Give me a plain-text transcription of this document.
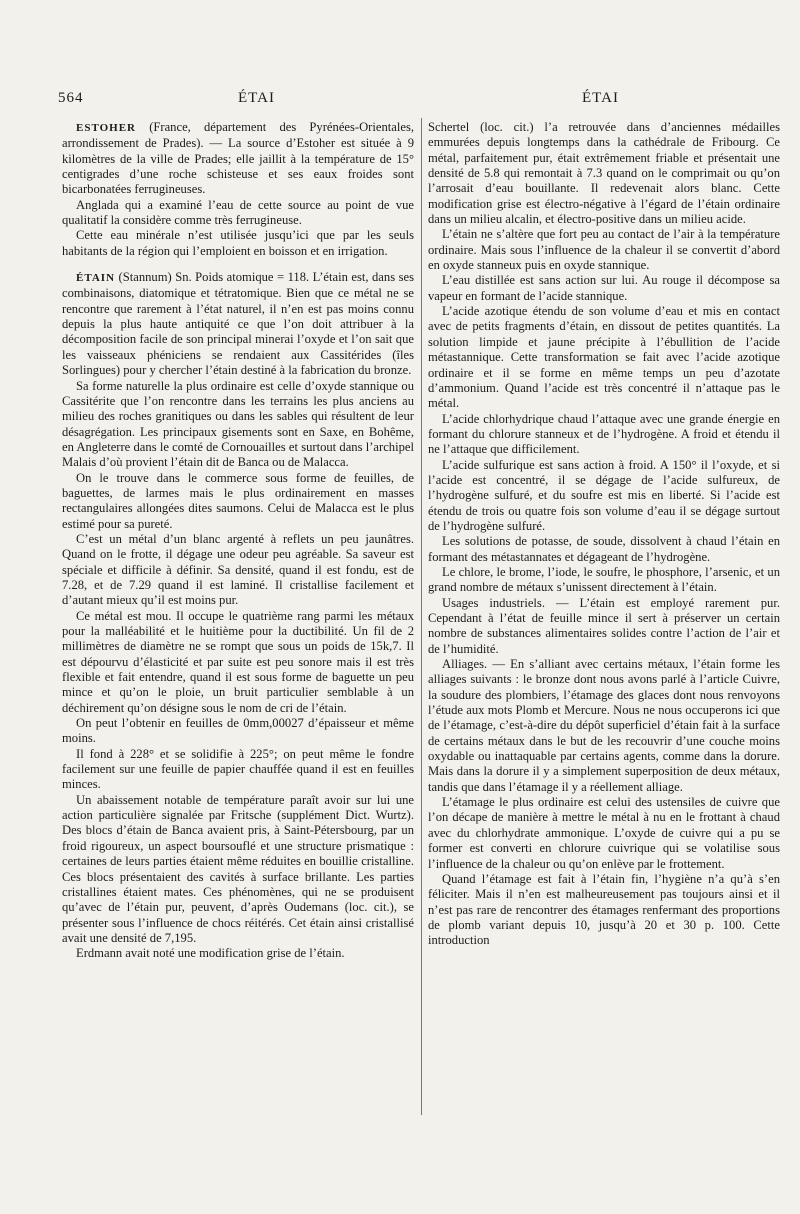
564	ÉTAI	ÉTAI

ESTOHER (France, département des Pyrénées-Orientales, arrondissement de Prades). — La source d’Estoher est située à 9 kilomètres de la ville de Prades; elle jaillit à la température de 15° centigrades d’une roche schisteuse et ses eaux froides sont bicarbonatées ferrugineuses.

Anglada qui a examiné l’eau de cette source au point de vue qualitatif la considère comme très ferrugineuse.

Cette eau minérale n’est utilisée jusqu’ici que par les seuls habitants de la région qui l’emploient en boisson et en irrigation.

ÉTAIN (Stannum) Sn. Poids atomique = 118. L’étain est, dans ses combinaisons, diatomique et tétratomique. Bien que ce métal ne se rencontre que rarement à l’état naturel, il n’en est pas moins connu depuis la plus haute antiquité ce que l’on doit attribuer à la décomposition facile de son principal minerai l’oxyde et l’on sait que les vaisseaux phéniciens se rendaient aux Cassitérides (îles Sorlingues) pour y chercher l’étain destiné à la fabrication du bronze.

Sa forme naturelle la plus ordinaire est celle d’oxyde stannique ou Cassitérite que l’on rencontre dans les terrains les plus anciens au milieu des roches granitiques ou dans les sables qui résultent de leur désagrégation. Les principaux gisements sont en Saxe, en Bohême, en Angleterre dans le comté de Cornouailles et surtout dans l’archipel Malais d’où provient l’étain dit de Banca ou de Malacca.

On le trouve dans le commerce sous forme de feuilles, de baguettes, de larmes mais le plus ordinairement en masses rectangulaires allongées dites saumons. Celui de Malacca est le plus estimé pour sa pureté.

C’est un métal d’un blanc argenté à reflets un peu jaunâtres. Quand on le frotte, il dégage une odeur peu agréable. Sa saveur est spéciale et difficile à définir. Sa densité, quand il est fondu, est de 7.28, et de 7.29 quand il est laminé. Il cristallise facilement et d’autant mieux qu’il est moins pur.

Ce métal est mou. Il occupe le quatrième rang parmi les métaux pour la malléabilité et le huitième pour la ductibilité. Un fil de 2 millimètres de diamètre ne se rompt que sous un poids de 15k,7. Il est dépourvu d’élasticité et par suite est peu sonore mais il est très flexible et fait entendre, quand il est sous forme de baguette un peu mince et qu’on le ploie, un bruit particulier semblable à un déchirement qu’on désigne sous le nom de cri de l’étain.

On peut l’obtenir en feuilles de 0mm,00027 d’épaisseur et même moins.

Il fond à 228° et se solidifie à 225°; on peut même le fondre facilement sur une feuille de papier chauffée quand il est en feuilles minces.

Un abaissement notable de température paraît avoir sur lui une action particulière signalée par Fritsche (supplément Dict. Wurtz). Des blocs d’étain de Banca avaient pris, à Saint-Pétersbourg, par un froid rigoureux, un aspect boursouflé et une structure prismatique : certaines de leurs parties étaient même réduites en bouillie cristalline. Ces blocs présentaient des cavités à surface brillante. Les parties cristallines étaient mates. Ces phénomènes, qui ne se produisent qu’avec de l’étain pur, peuvent, d’après Oudemans (loc. cit.), se présenter sous l’influence de chocs réitérés. Cet étain ainsi cristallisé avait une densité de 7,195.

Erdmann avait noté une modification grise de l’étain.

Schertel (loc. cit.) l’a retrouvée dans d’anciennes médailles emmurées depuis longtemps dans la cathédrale de Fribourg. Ce métal, parfaitement pur, était extrêmement friable et présentait une densité de 5.8 qui remontait à 7.3 quand on le comprimait ou qu’on l’arrosait d’eau bouillante. Il redevenait alors blanc. Cette modification grise est électro-négative à l’égard de l’étain ordinaire dans un milieu alcalin, et électro-positive dans un milieu acide.

L’étain ne s’altère que fort peu au contact de l’air à la température ordinaire. Mais sous l’influence de la chaleur il se convertit d’abord en oxyde stanneux puis en oxyde stannique.

L’eau distillée est sans action sur lui. Au rouge il décompose sa vapeur en formant de l’acide stannique.

L’acide azotique étendu de son volume d’eau et mis en contact avec de petits fragments d’étain, en dissout de petites quantités. La solution limpide et jaune précipite à l’ébullition de l’acide métastannique. Cette transformation se fait avec l’acide azotique ordinaire et il se forme en même temps un peu d’azotate d’ammonium. Quand l’acide est très concentré il n’attaque pas le métal.

L’acide chlorhydrique chaud l’attaque avec une grande énergie en formant du chlorure stanneux et de l’hydrogène. A froid et étendu il ne l’attaque que difficilement.

L’acide sulfurique est sans action à froid. A 150° il l’oxyde, et si l’acide est concentré, il se dégage de l’acide sulfureux, de l’hydrogène sulfuré, et du soufre est mis en liberté. Si l’acide est étendu de trois ou quatre fois son volume d’eau il se dégage surtout de l’hydrogène sulfuré.

Les solutions de potasse, de soude, dissolvent à chaud l’étain en formant des métastannates et dégageant de l’hydrogène.

Le chlore, le brome, l’iode, le soufre, le phosphore, l’arsenic, et un grand nombre de métaux s’unissent directement à l’étain.

Usages industriels. — L’étain est employé rarement pur. Cependant à l’état de feuille mince il sert à préserver un certain nombre de substances alimentaires solides contre l’action de l’air et de l’humidité.

Alliages. — En s’alliant avec certains métaux, l’étain forme les alliages suivants : le bronze dont nous avons parlé à l’article Cuivre, la soudure des plombiers, l’étamage des glaces dont nous renvoyons l’étude aux mots Plomb et Mercure. Nous ne nous occuperons ici que de l’étamage, c’est-à-dire du dépôt superficiel d’étain fait à la surface de certains métaux dans le but de les recouvrir d’une couche moins oxydable ou inattaquable par certains agents, comme dans la dorure. Mais dans la dorure il y a simplement superposition de deux métaux, tandis que dans l’étamage il y a réellement alliage.

L’étamage le plus ordinaire est celui des ustensiles de cuivre que l’on décape de manière à mettre le métal à nu en le frottant à chaud avec du chlorhydrate ammonique. L’oxyde de cuivre qui a pu se former est converti en chlorure cuivrique qui se volatilise sous l’influence de la chaleur ou qu’on enlève par le frottement.

Quand l’étamage est fait à l’étain fin, l’hygiène n’a qu’à s’en féliciter. Mais il n’en est malheureusement pas toujours ainsi et il n’est pas rare de rencontrer des étamages renfermant des proportions de plomb variant depuis 10, jusqu’à 20 et 30 p. 100. Cette introduction
